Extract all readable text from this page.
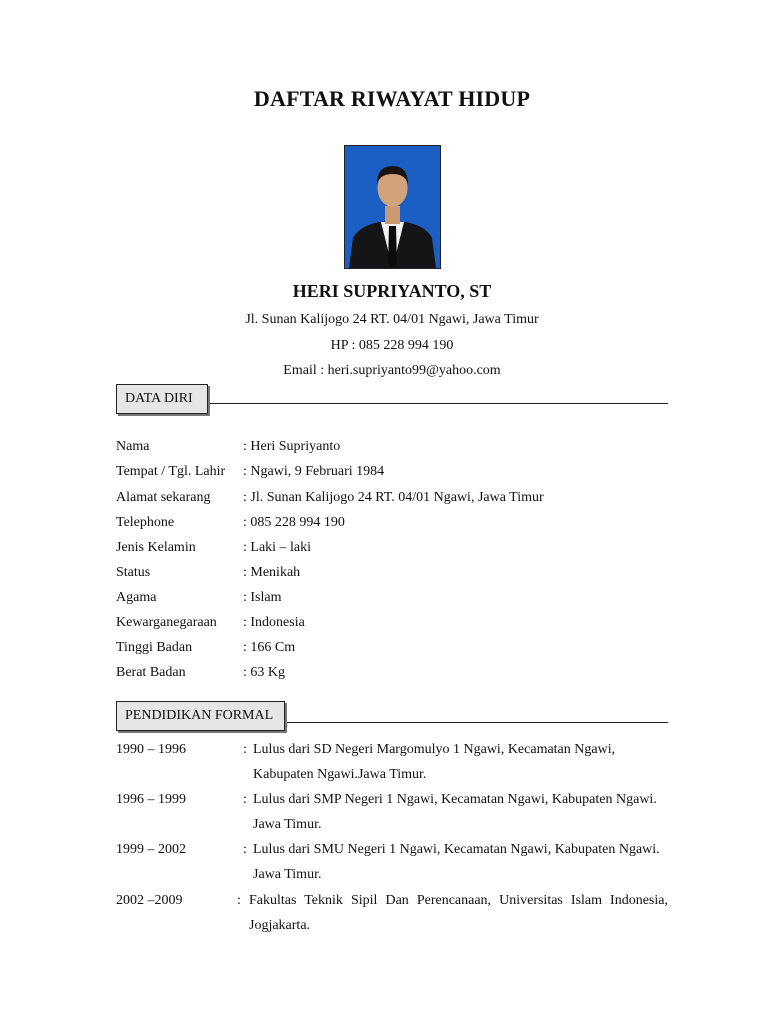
DAFTAR RIWAYAT HIDUP
HERI SUPRIYANTO, ST
Jl. Sunan Kalijogo 24 RT. 04/01 Ngawi, Jawa Timur
HP : 085 228 994 190
Email : heri.supriyanto99@yahoo.com
DATA DIRI
Nama	: Heri Supriyanto
Tempat / Tgl. Lahir : Ngawi, 9 Februari 1984
Alamat sekarang : Jl. Sunan Kalijogo 24 RT. 04/01 Ngawi, Jawa Timur
Telephone	: 085 228 994 190
Jenis Kelamin	: Laki – laki
Status	: Menikah
Agama	: Islam
Kewarganegaraan : Indonesia
Tinggi Badan	: 166 Cm
Berat Badan	: 63 Kg
PENDIDIKAN FORMAL
1990 – 1996	: Lulus dari SD Negeri Margomulyo 1 Ngawi, Kecamatan Ngawi, Kabupaten Ngawi.Jawa Timur.
1996 – 1999	: Lulus dari SMP Negeri 1 Ngawi, Kecamatan Ngawi, Kabupaten Ngawi. Jawa Timur.
1999 – 2002	: Lulus dari SMU Negeri 1 Ngawi, Kecamatan Ngawi, Kabupaten Ngawi. Jawa Timur.
2002 –2009	: Fakultas Teknik Sipil Dan Perencanaan, Universitas Islam Indonesia, Jogjakarta.
